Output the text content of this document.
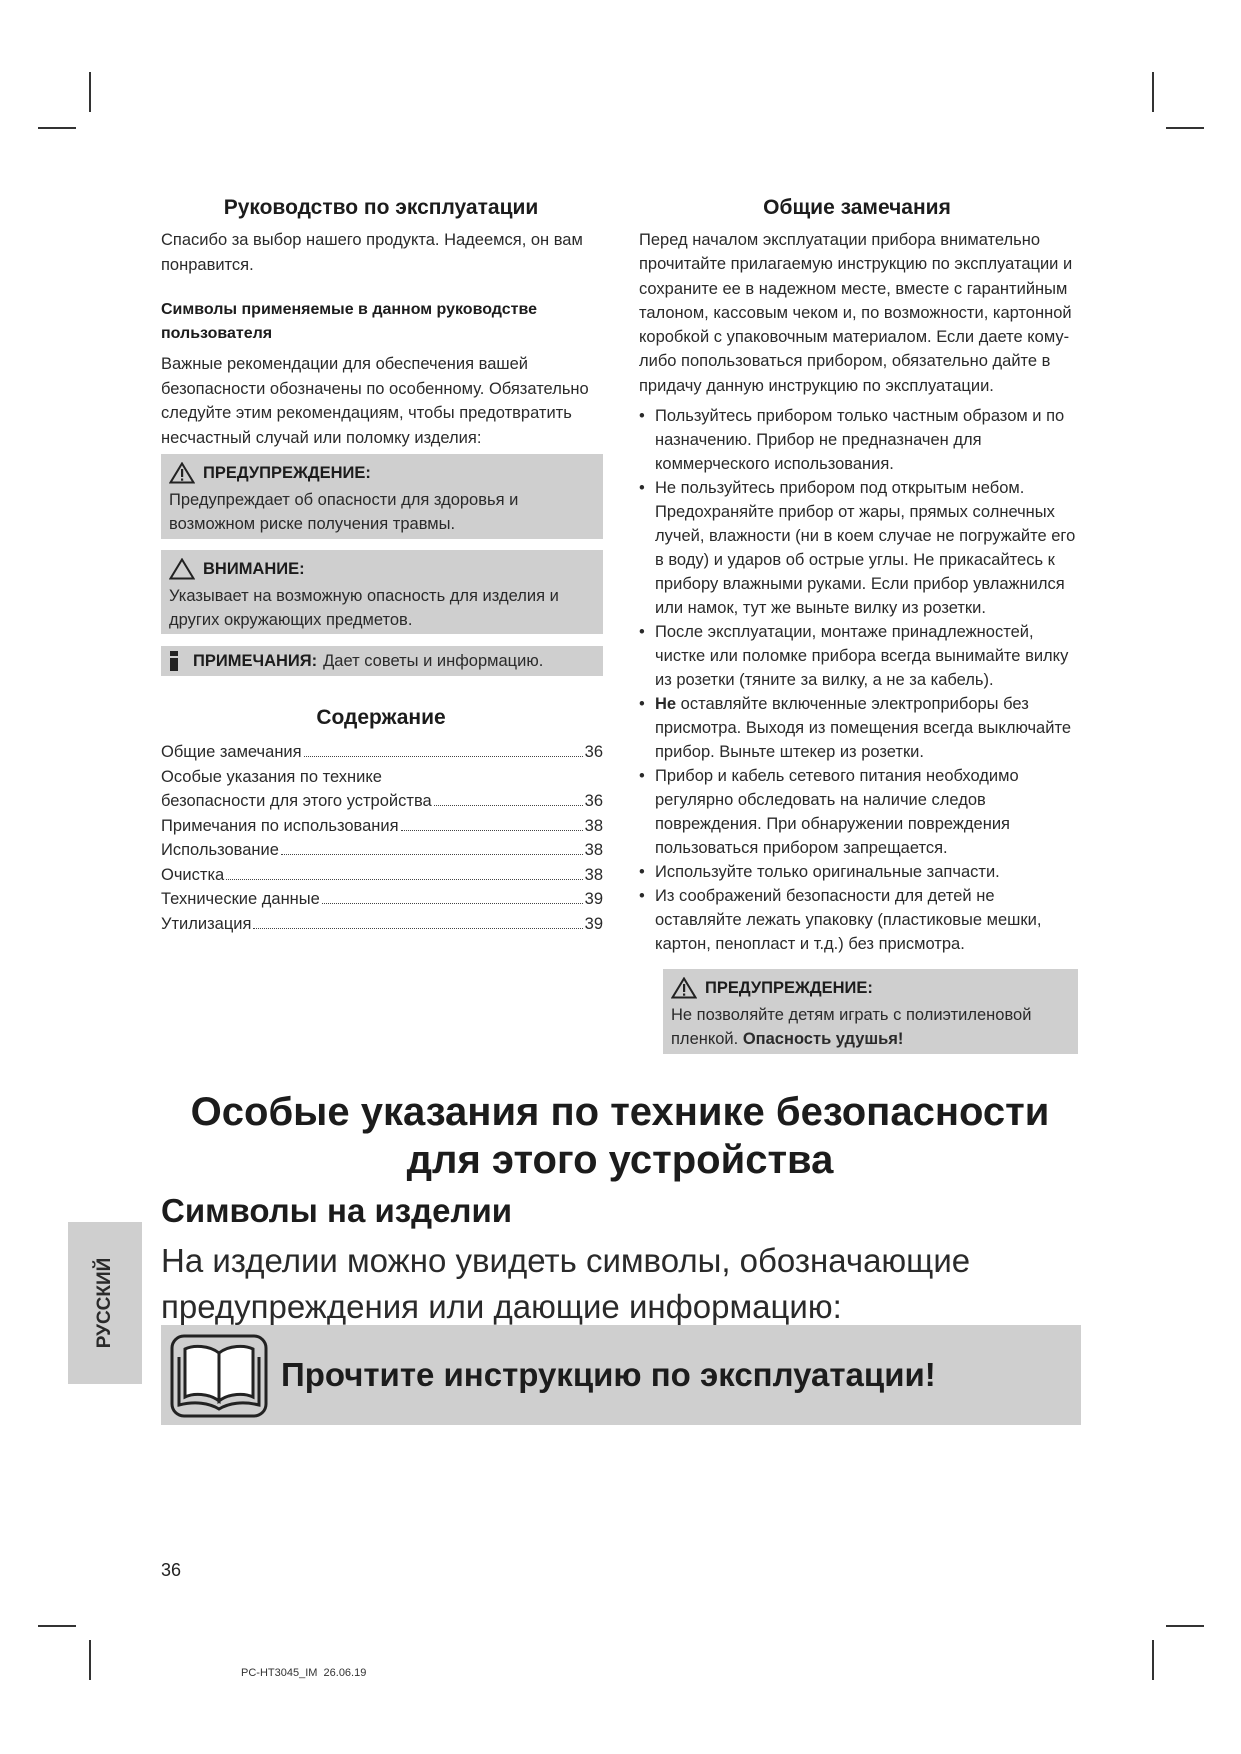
Руководство по эксплуатации
Спасибо за выбор нашего продукта. Надеемся, он вам понравится.
Символы применяемые в данном руководстве пользователя
Важные рекомендации для обеспечения вашей безопасности обозначены по особенному. Обязательно следуйте этим рекомендациям, чтобы предотвратить несчастный случай или поломку изделия:
ПРЕДУПРЕЖДЕНИЕ:
Предупреждает об опасности для здоровья и возможном риске получения травмы.
ВНИМАНИЕ:
Указывает на возможную опасность для изделия и других окружающих предметов.
ПРИМЕЧАНИЯ: Дает советы и информацию.
Содержание
Общие замечания	36
Особые указания по технике
безопасности для этого устройства	36
Примечания по использования	38
Использование	38
Очистка	38
Технические данные	39
Утилизация	39
Общие замечания
Перед началом эксплуатации прибора внимательно прочитайте прилагаемую инструкцию по эксплуатации и сохраните ее в надежном месте, вместе с гарантийным талоном, кассовым чеком и, по возможности, картонной коробкой с упаковочным материалом. Если даете кому-либо попользоваться прибором, обязательно дайте в придачу данную инструкцию по эксплуатации.
• Пользуйтесь прибором только частным образом и по назначению. Прибор не предназначен для коммерческого использования.
• Не пользуйтесь прибором под открытым небом. Предохраняйте прибор от жары, прямых солнечных лучей, влажности (ни в коем случае не погружайте его в воду) и ударов об острые углы. Не прикасайтесь к прибору влажными руками. Если прибор увлажнился или намок, тут же выньте вилку из розетки.
• После эксплуатации, монтаже принадлежностей, чистке или поломке прибора всегда вынимайте вилку из розетки (тяните за вилку, а не за кабель).
• Не оставляйте включенные электроприборы без присмотра. Выходя из помещения всегда выключайте прибор. Выньте штекер из розетки.
• Прибор и кабель сетевого питания необходимо регулярно обследовать на наличие следов повреждения. При обнаружении повреждения пользоваться прибором запрещается.
• Используйте только оригинальные запчасти.
• Из соображений безопасности для детей не оставляйте лежать упаковку (пластиковые мешки, картон, пенопласт и т.д.) без присмотра.
ПРЕДУПРЕЖДЕНИЕ:
Не позволяйте детям играть с полиэтиленовой пленкой. Опасность удушья!
Особые указания по технике безопасности
для этого устройства
Символы на изделии
На изделии можно увидеть символы, обозначающие предупреждения или дающие информацию:
Прочтите инструкцию по эксплуатации!
РУССКИЙ
36
PC-HT3045_IM  26.06.19
